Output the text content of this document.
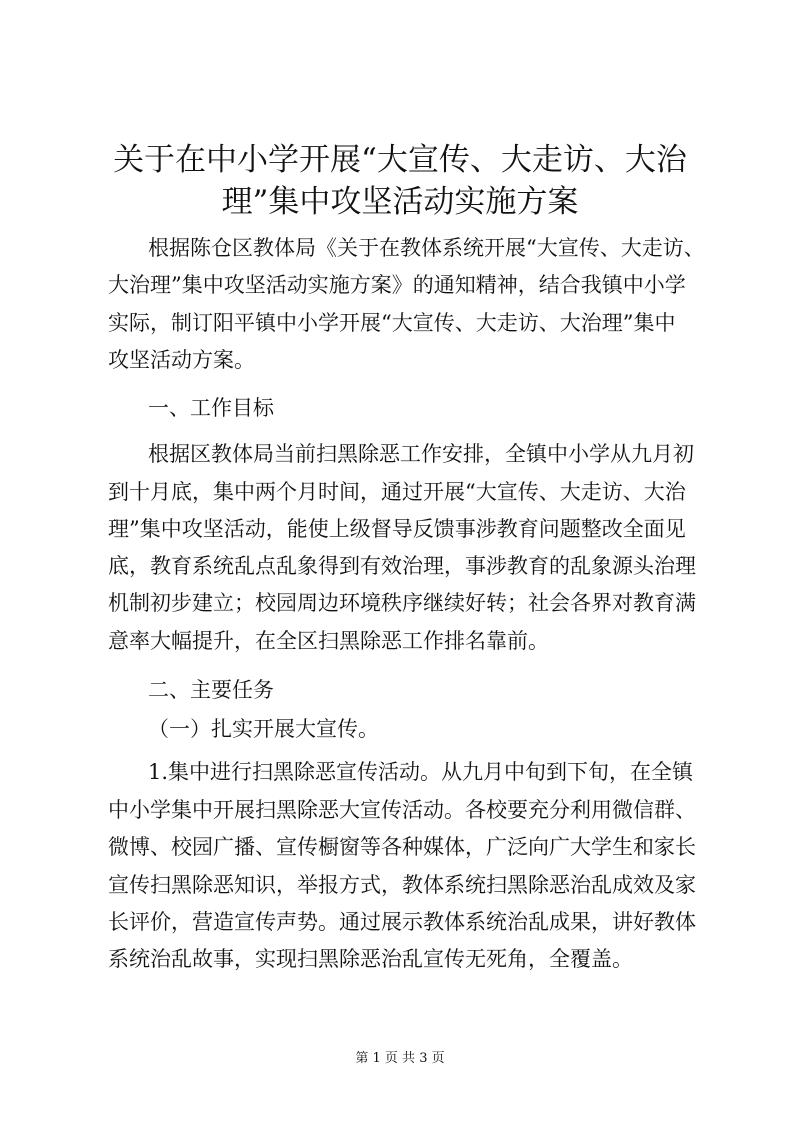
关于在中小学开展“大宣传、大走访、大治
理”集中攻坚活动实施方案

根据陈仓区教体局《关于在教体系统开展“大宣传、大走访、

大治理”集中攻坚活动实施方案》的通知精神，结合我镇中小学

实际，制订阳平镇中小学开展“大宣传、大走访、大治理”集中

攻坚活动方案。

一、工作目标

根据区教体局当前扫黑除恶工作安排，全镇中小学从九月初

到十月底，集中两个月时间，通过开展“大宣传、大走访、大治

理”集中攻坚活动，能使上级督导反馈事涉教育问题整改全面见

底，教育系统乱点乱象得到有效治理，事涉教育的乱象源头治理

机制初步建立；校园周边环境秩序继续好转；社会各界对教育满

意率大幅提升，在全区扫黑除恶工作排名靠前。

二、主要任务

（一）扎实开展大宣传。

1.集中进行扫黑除恶宣传活动。从九月中旬到下旬，在全镇

中小学集中开展扫黑除恶大宣传活动。各校要充分利用微信群、

微博、校园广播、宣传橱窗等各种媒体，广泛向广大学生和家长

宣传扫黑除恶知识，举报方式，教体系统扫黑除恶治乱成效及家

长评价，营造宣传声势。通过展示教体系统治乱成果，讲好教体

系统治乱故事，实现扫黑除恶治乱宣传无死角，全覆盖。

第 1 页 共 3 页
